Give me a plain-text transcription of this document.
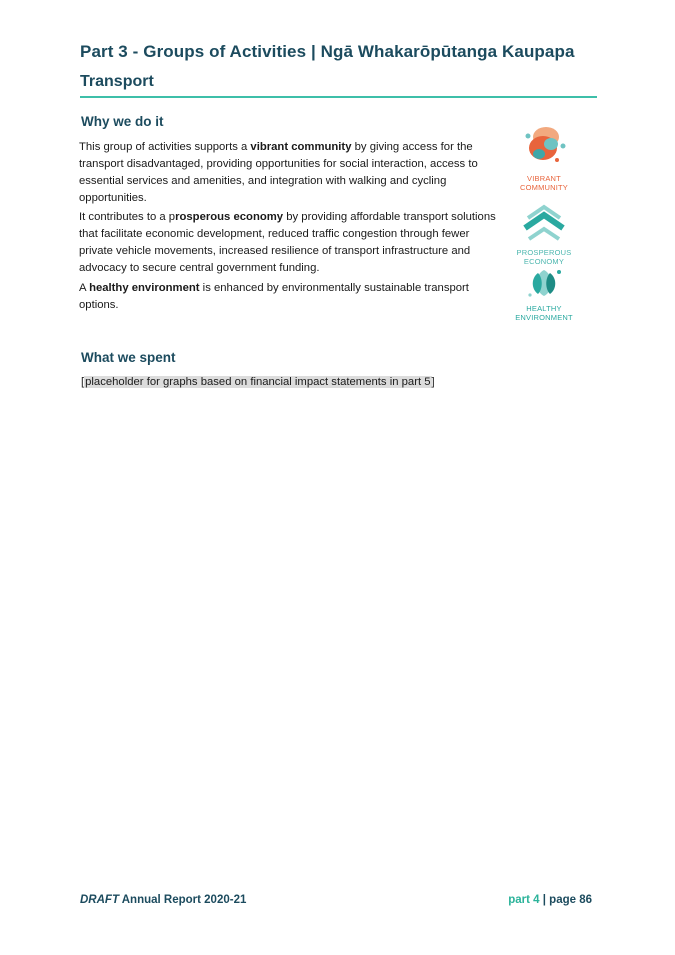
Part 3 - Groups of Activities | Ngā Whakarōpūtanga Kaupapa
Transport
Why we do it

This group of activities supports a vibrant community by giving access for the transport disadvantaged, providing opportunities for social interaction, access to essential services and amenities, and integration with walking and cycling opportunities.

It contributes to a prosperous economy by providing affordable transport solutions that facilitate economic development, reduced traffic congestion through fewer private vehicle movements, increased resilience of transport infrastructure and advocacy to secure central government funding.

A healthy environment is enhanced by environmentally sustainable transport options.

VIBRANT
COMMUNITY
PROSPEROUS
ECONOMY
HEALTHY
ENVIRONMENT
What we spent
[placeholder for graphs based on financial impact statements in part 5]
DRAFT Annual Report 2020-21	part 4 | page 86
